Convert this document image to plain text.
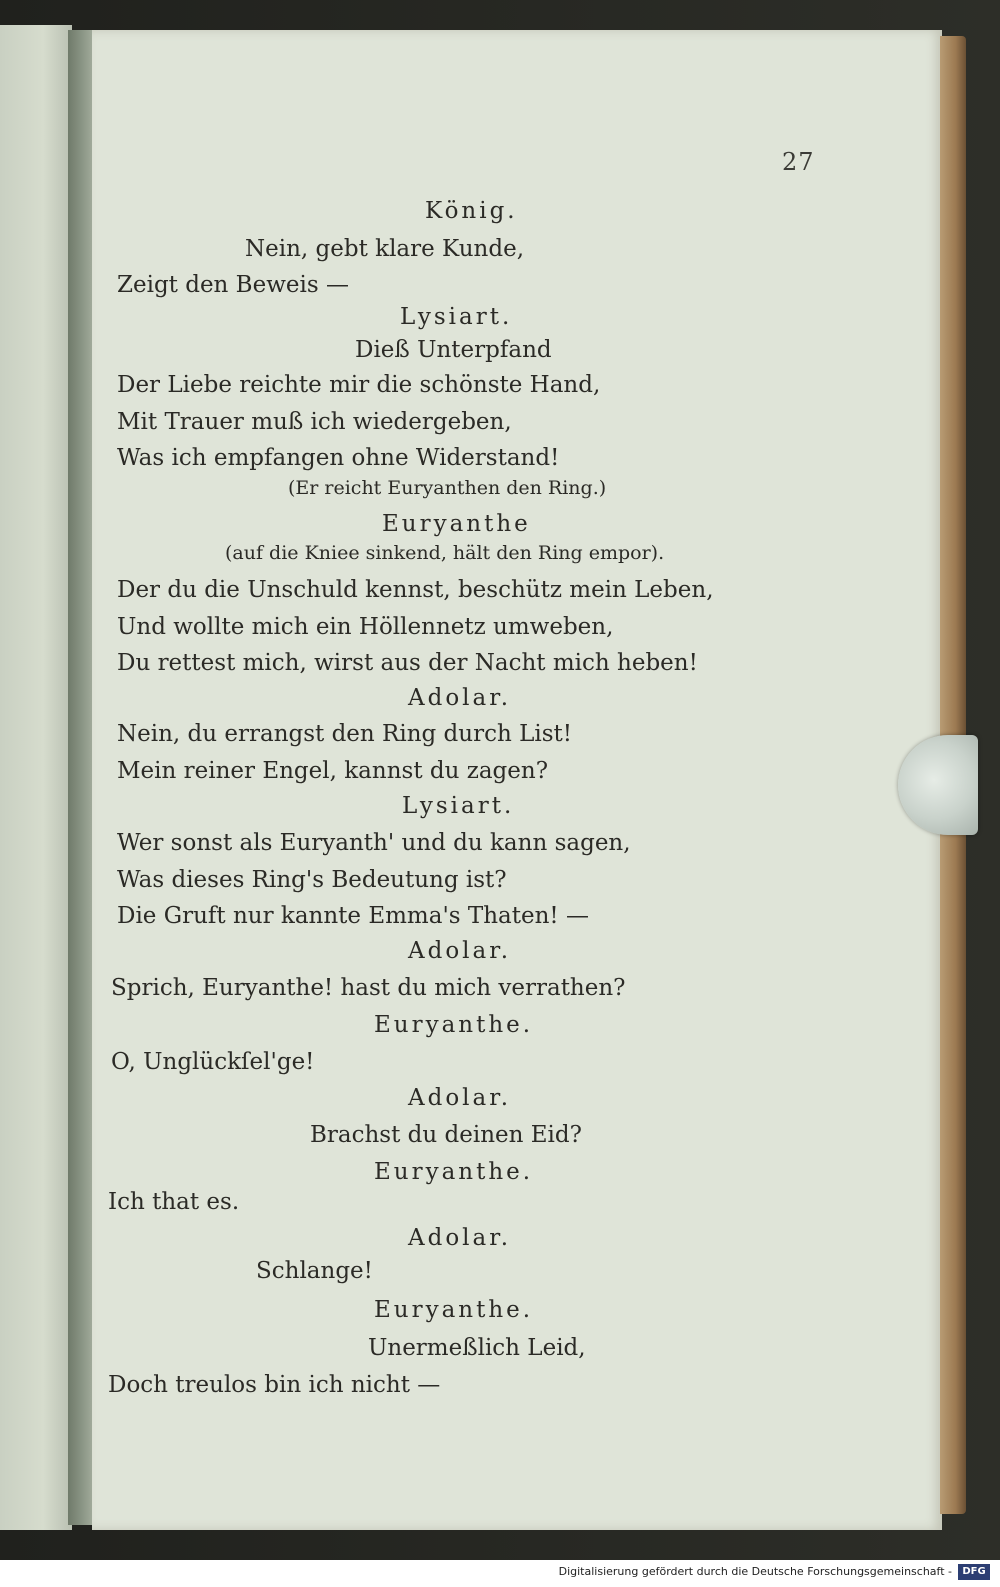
27
König.
Nein, gebt klare Kunde,
Zeigt den Beweis —
Lysiart.
Dieß Unterpfand
Der Liebe reichte mir die schönste Hand,
Mit Trauer muß ich wiedergeben,
Was ich empfangen ohne Widerstand!
(Er reicht Euryanthen den Ring.)
Euryanthe
(auf die Kniee sinkend, hält den Ring empor).
Der du die Unschuld kennst, beschütz mein Leben,
Und wollte mich ein Höllennetz umweben,
Du rettest mich, wirst aus der Nacht mich heben!
Adolar.
Nein, du errangst den Ring durch List!
Mein reiner Engel, kannst du zagen?
Lysiart.
Wer sonst als Euryanth' und du kann sagen,
Was dieses Ring's Bedeutung ist?
Die Gruft nur kannte Emma's Thaten! —
Adolar.
Sprich, Euryanthe! hast du mich verrathen?
Euryanthe.
O, Unglückſel'ge!
Adolar.
Brachst du deinen Eid?
Euryanthe.
Ich that es.
Adolar.
Schlange!
Euryanthe.
Unermeßlich Leid,
Doch treulos bin ich nicht —
Digitalisierung gefördert durch die Deutsche Forschungsgemeinschaft -	DFG
